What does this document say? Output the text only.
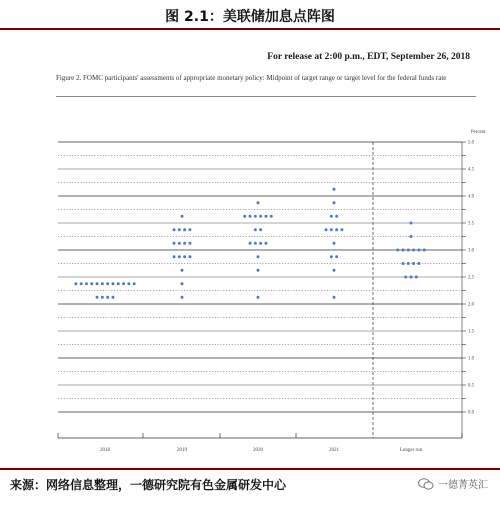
图 2.1：美联储加息点阵图
For release at 2:00 p.m., EDT, September 26, 2018
Figure 2. FOMC participants' assessments of appropriate monetary policy: Midpoint of target range or target level for the federal funds rate
Percent
0.0
0.5
1.0
1.5
2.0
2.5
3.0
3.5
4.0
4.5
5.0
2018	2019	2020	2021	Longer run
来源：网络信息整理，一德研究院有色金属研发中心	一德菁英汇
